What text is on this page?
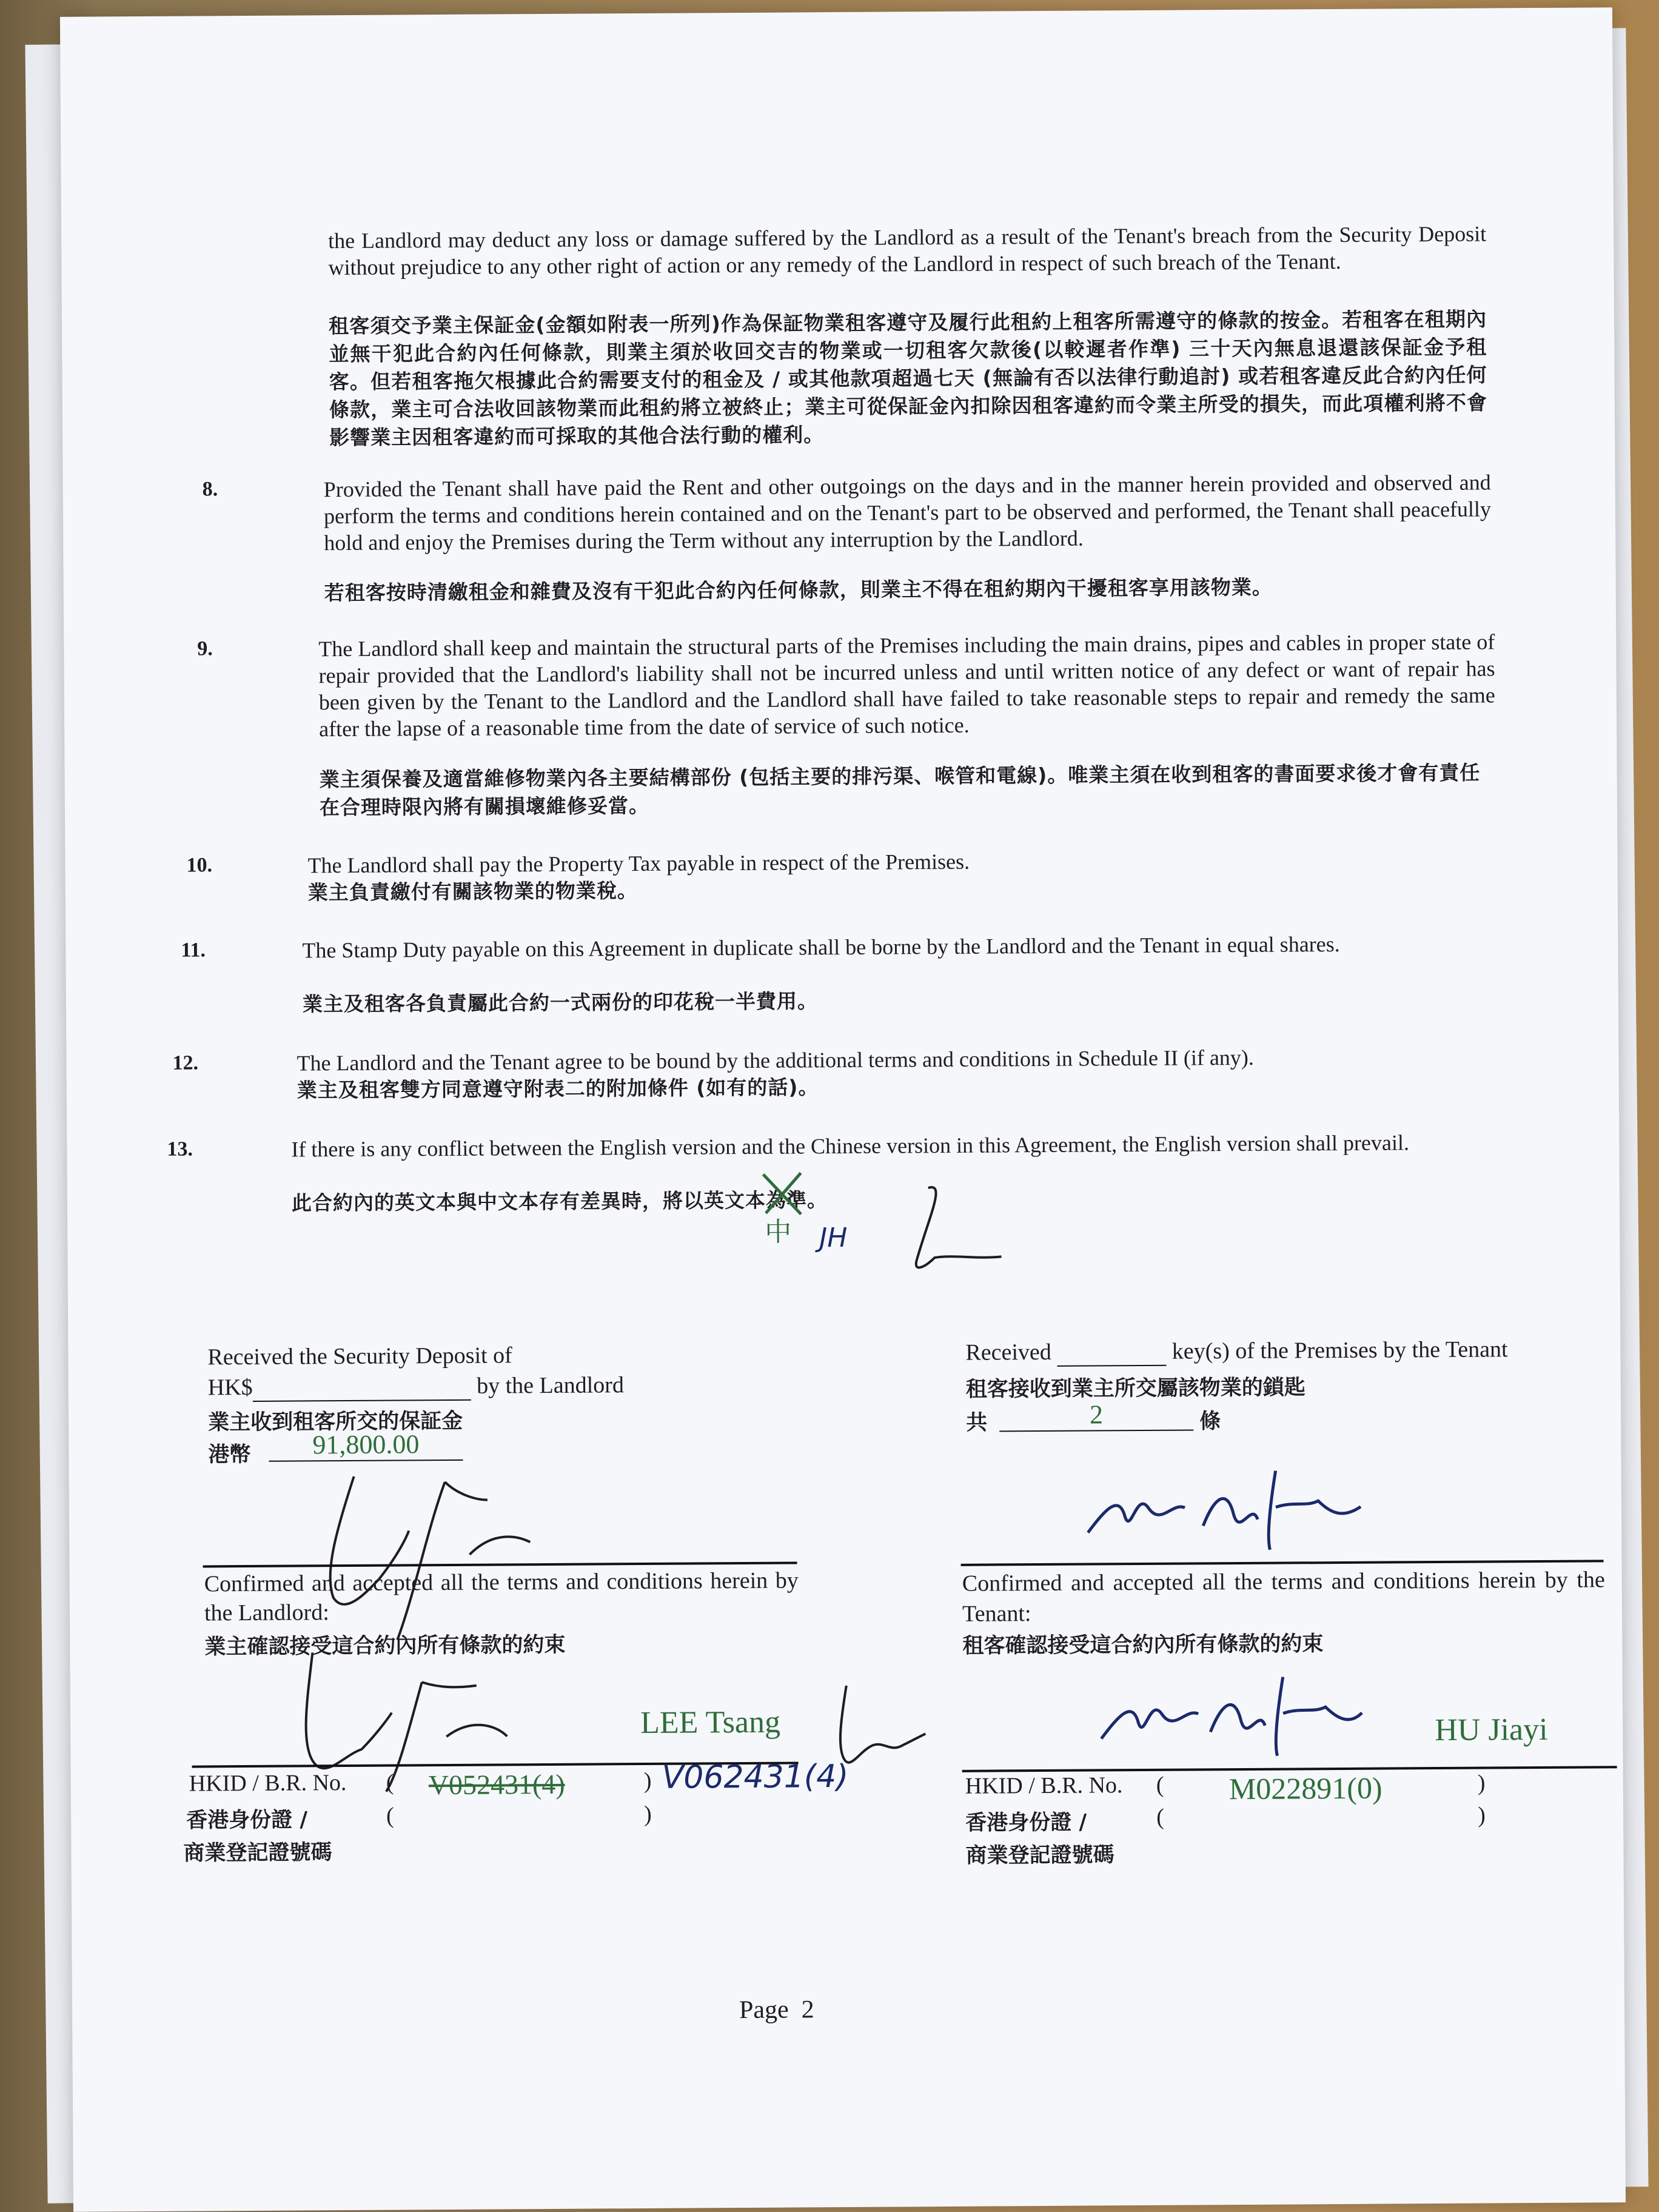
the Landlord may deduct any loss or damage suffered by the Landlord as a result of the Tenant's breach from the Security Deposit without prejudice to any other right of action or any remedy of the Landlord in respect of such breach of the Tenant.
租客須交予業主保証金(金額如附表一所列)作為保証物業租客遵守及履行此租約上租客所需遵守的條款的按金。若租客在租期內並無干犯此合約內任何條款，則業主須於收回交吉的物業或一切租客欠款後(以較遲者作準) 三十天內無息退還該保証金予租客。但若租客拖欠根據此合約需要支付的租金及 / 或其他款項超過七天 (無論有否以法律行動追討) 或若租客違反此合約內任何條款，業主可合法收回該物業而此租約將立被終止；業主可從保証金內扣除因租客違約而令業主所受的損失，而此項權利將不會影響業主因租客違約而可採取的其他合法行動的權利。
8.	Provided the Tenant shall have paid the Rent and other outgoings on the days and in the manner herein provided and observed and perform the terms and conditions herein contained and on the Tenant's part to be observed and performed, the Tenant shall peacefully hold and enjoy the Premises during the Term without any interruption by the Landlord.
若租客按時清繳租金和雜費及沒有干犯此合約內任何條款，則業主不得在租約期內干擾租客享用該物業。
9.	The Landlord shall keep and maintain the structural parts of the Premises including the main drains, pipes and cables in proper state of repair provided that the Landlord's liability shall not be incurred unless and until written notice of any defect or want of repair has been given by the Tenant to the Landlord and the Landlord shall have failed to take reasonable steps to repair and remedy the same after the lapse of a reasonable time from the date of service of such notice.
業主須保養及適當維修物業內各主要結構部份 (包括主要的排污渠、喉管和電線)。唯業主須在收到租客的書面要求後才會有責任在合理時限內將有關損壞維修妥當。
10.	The Landlord shall pay the Property Tax payable in respect of the Premises.
業主負責繳付有關該物業的物業稅。
11.	The Stamp Duty payable on this Agreement in duplicate shall be borne by the Landlord and the Tenant in equal shares.
業主及租客各負責屬此合約一式兩份的印花稅一半費用。
12.	The Landlord and the Tenant agree to be bound by the additional terms and conditions in Schedule II (if any).
業主及租客雙方同意遵守附表二的附加條件 (如有的話)。
13.	If there is any conflict between the English version and the Chinese version in this Agreement, the English version shall prevail.
此合約內的英文本與中文本存有差異時，將以英文本為準。
中 JH
Received the Security Deposit of
HK$	by the Landlord
業主收到租客所交的保証金
港幣	91,800.00
Confirmed and accepted all the terms and conditions herein by the Landlord:
業主確認接受這合約內所有條款的約束
LEE Tsang
HKID / B.R. No. ( V052431(4)	) V062431(4)
香港身份證 /	(	)
商業登記證號碼
Received	key(s) of the Premises by the Tenant
租客接收到業主所交屬該物業的鎖匙
共	2	條
Confirmed and accepted all the terms and conditions herein by the Tenant:
租客確認接受這合約內所有條款的約束
HU Jiayi
HKID / B.R. No. ( M022891(0)	)
香港身份證 /	(	)
商業登記證號碼
Page 2
